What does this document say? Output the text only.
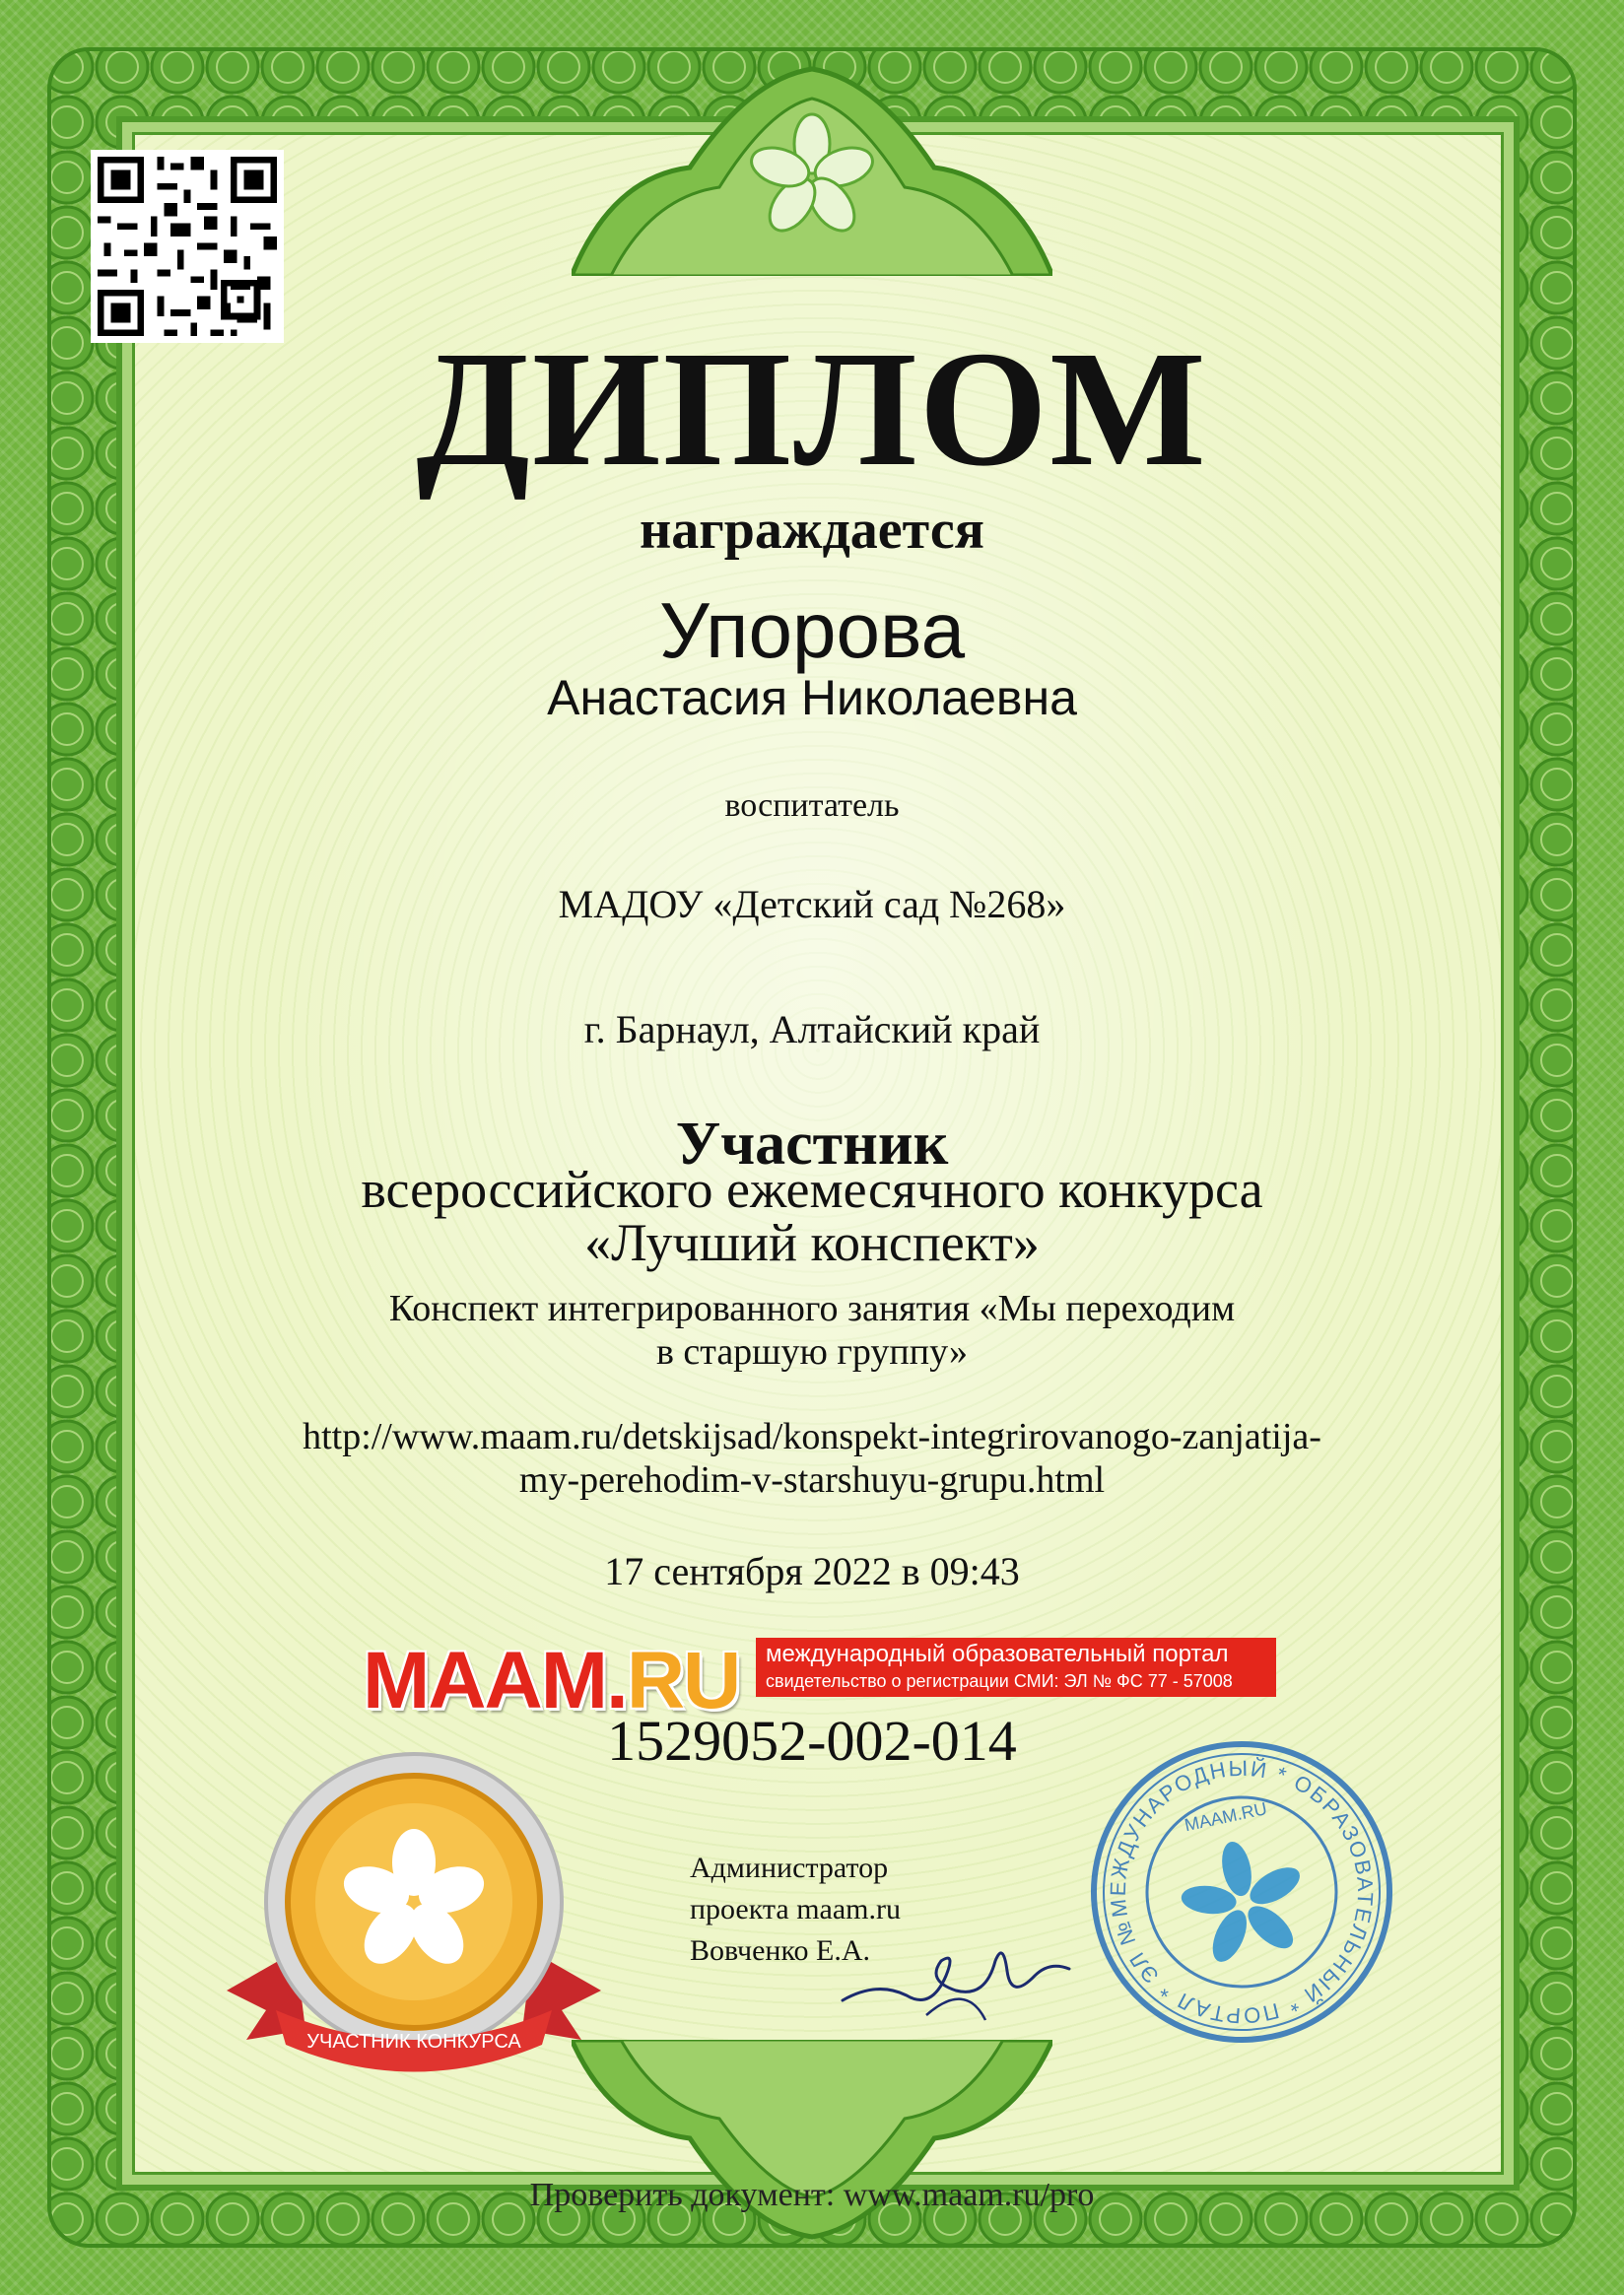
ДИПЛОМ
награждается
Упорова
Анастасия Николаевна
воспитатель
МАДОУ «Детский сад №268»
г. Барнаул, Алтайский край
Участник
всероссийского ежемесячного конкурса
«Лучший конспект»
Конспект интегрированного занятия «Мы переходим
в старшую группу»
http://www.maam.ru/detskijsad/konspekt-integrirovanogo-zanjatija-
my-perehodim-v-starshuyu-grupu.html
17 сентября 2022 в 09:43
MAAM.RU международный образовательный портал
свидетельство о регистрации СМИ: ЭЛ № ФС 77 - 57008
1529052-002-014
УЧАСТНИК КОНКУРСА
Администратор
проекта maam.ru
Вовченко Е.А.
МЕЖДУНАРОДНЫЙ * ОБРАЗОВАТЕЛЬНЫЙ * ПОРТАЛ * ЭЛ №
MAAM.RU
Проверить документ: www.maam.ru/pro
